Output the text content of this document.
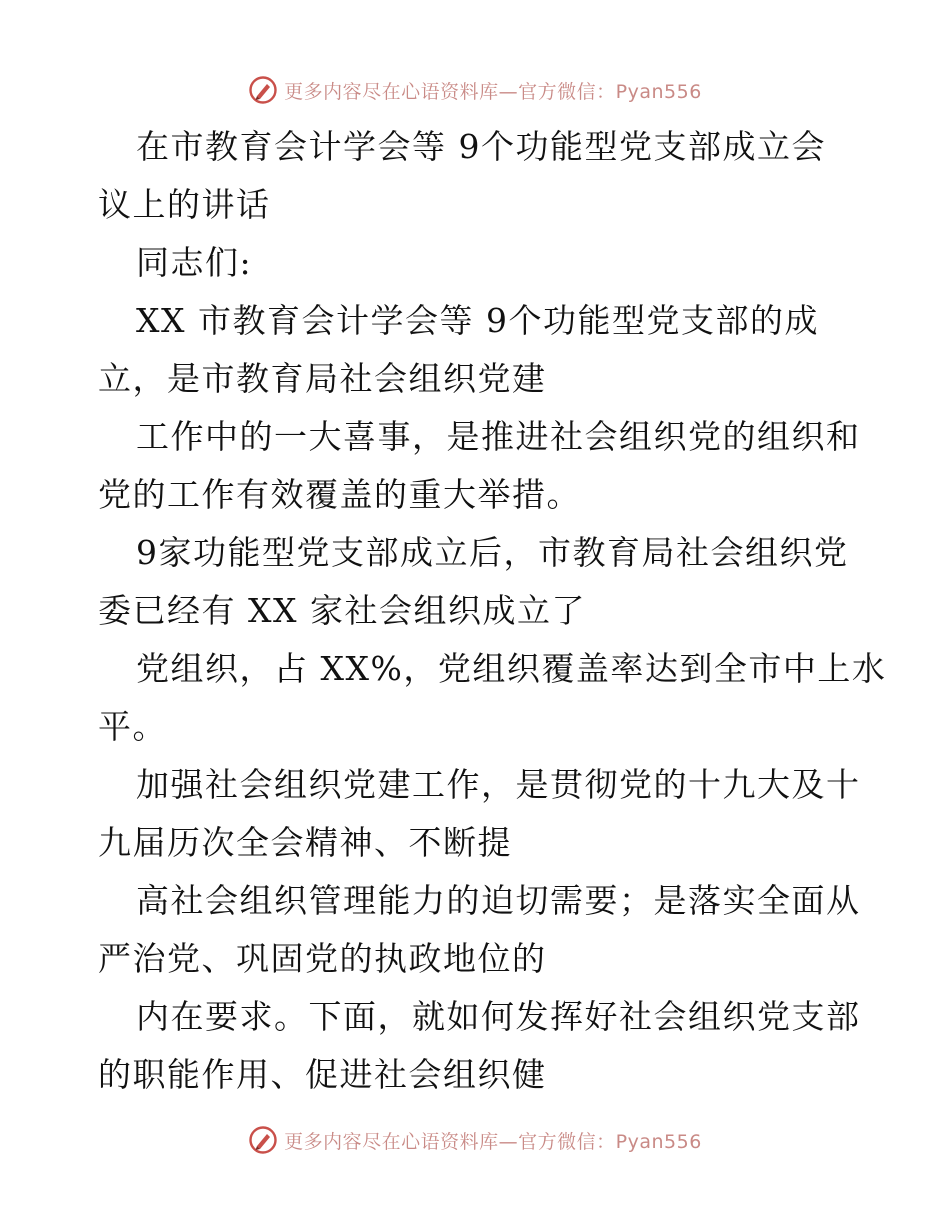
更多内容尽在心语资料库—官方微信：Pyan556
在市教育会计学会等 9个功能型党支部成立会
议上的讲话
同志们:
XX 市教育会计学会等 9个功能型党支部的成
立，是市教育局社会组织党建
工作中的一大喜事，是推进社会组织党的组织和
党的工作有效覆盖的重大举措。
9家功能型党支部成立后，市教育局社会组织党
委已经有 XX 家社会组织成立了
党组织，占 XX%，党组织覆盖率达到全市中上水
平。
加强社会组织党建工作，是贯彻党的十九大及十
九届历次全会精神、不断提
高社会组织管理能力的迫切需要；是落实全面从
严治党、巩固党的执政地位的
内在要求。下面，就如何发挥好社会组织党支部
的职能作用、促进社会组织健
更多内容尽在心语资料库—官方微信：Pyan556
